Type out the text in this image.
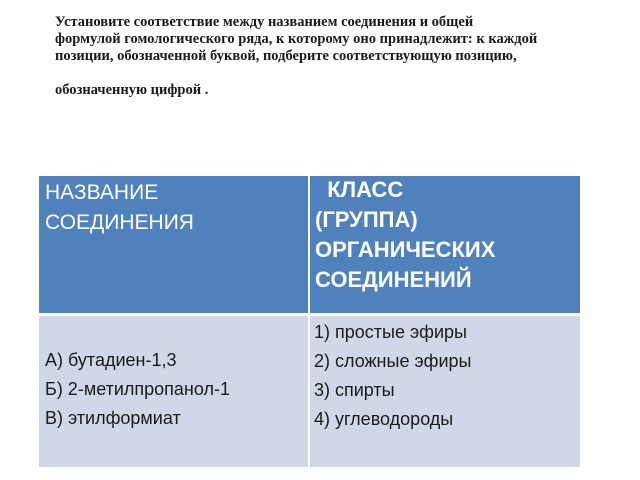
Установите соответствие между названием соединения и общей
формулой гомологического ряда, к которому оно принадлежит: к каждой
позиции, обозначенной буквой, подберите соответствующую позицию,
обозначенную цифрой .
НАЗВАНИЕ СОЕДИНЕНИЯ
КЛАСС
(ГРУППА)
ОРГАНИЧЕСКИХ
СОЕДИНЕНИЙ
А) бутадиен-1,3
Б) 2-метилпропанол-1
В) этилформиат
1) простые эфиры
2) сложные эфиры
3) спирты
4) углеводороды
